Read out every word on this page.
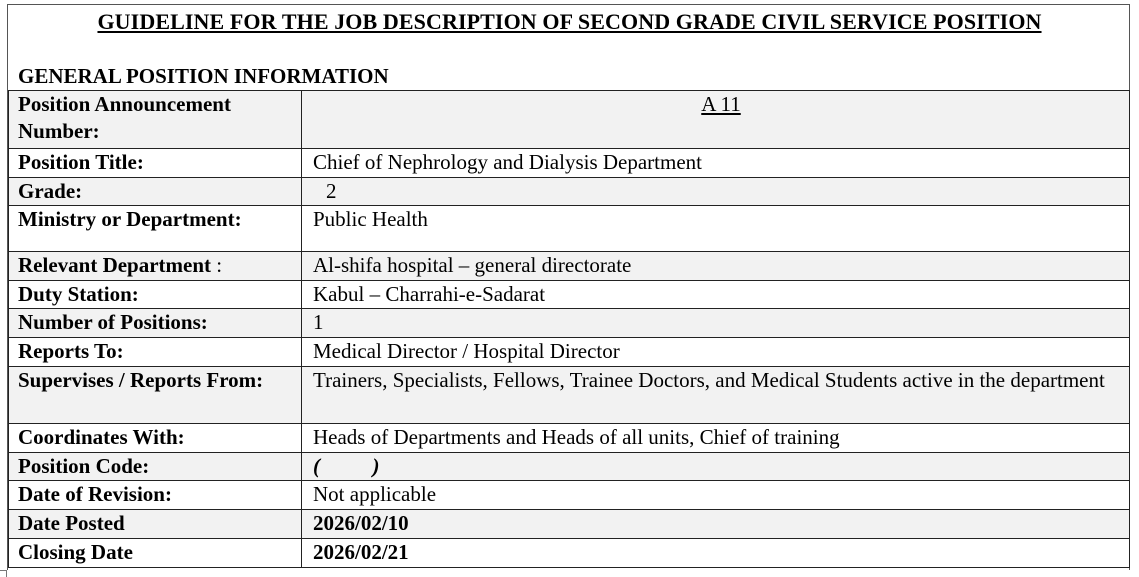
GUIDELINE FOR THE JOB DESCRIPTION OF SECOND GRADE CIVIL SERVICE POSITION
GENERAL POSITION INFORMATION
Position Announcement Number:	A 11
Position Title:	Chief of Nephrology and Dialysis Department
Grade:	2
Ministry or Department:	Public Health
Relevant Department :	Al-shifa hospital – general directorate
Duty Station:	Kabul – Charrahi-e-Sadarat
Number of Positions:	1
Reports To:	Medical Director / Hospital Director
Supervises / Reports From:	Trainers, Specialists, Fellows, Trainee Doctors, and Medical Students active in the department
Coordinates With:	Heads of Departments and Heads of all units, Chief of training
Position Code:	(          )
Date of Revision:	Not applicable
Date Posted	2026/02/10
Closing Date	2026/02/21
